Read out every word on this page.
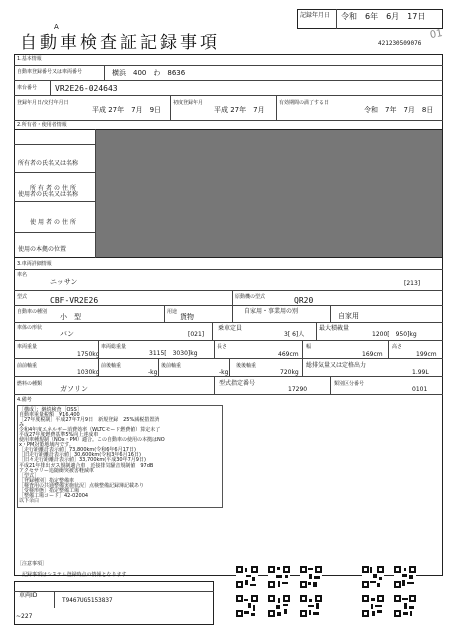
記録年月日 令和　6年　6月　17日
A
自動車検査証記録事項	421230509076
01
1.基本情報
自動車登録番号又は車両番号	横浜　400　わ　8636
車台番号 VR2E26-024643
登録年月日/交付年月日
平成 27年　7月　9日
初度登録年月
平成 27年　7月
有効期間の満了する日
令和　7年　7月　8日
2.所有者・使用者情報
所有者の氏名又は名称
所有者の住所
使用者の氏名又は名称
使用者の住所
使用の本拠の位置
3.車両詳細情報
車名
ニッサン	[213]
型式	CBF-VR2E26	原動機の型式	QR20
自動車の種別
小　型
用途
貨物
自家用・事業用の別
自家用
車体の形状
バン	[021]
乗車定員
3[ 6]人
最大積載量
1200[　950]kg
車両重量
1750kg
車両総重量
3115[　3030]kg
長さ
469cm
幅
169cm
高さ
199cm
前前軸重
1030kg
前後軸重
-kg
後前軸重
-kg
後後軸重
720kg
総排気量又は定格出力
1.99L
燃料の種類
ガソリン
型式指定番号
17290
類別区分番号
0101
4.備考
［構成］：継続検査［OSS］
自動車重量税額　¥16,400
［27年度税制］平成27年7月9日　新規登録　25%減税措置済
み
令和4年度エネルギー消費効率（WLTCモード燃費値）算定未了
平成27年度燃費基準5%向上達成車
使用車種規制（NOx・PM）適合。この自動車の使用の本拠はNO
x・PM対策地域内です。
［走行距離計表示値］73,800km(令和6年6月17日)
［旧走行距離計表示値］30,600km(令和3年6月16日)
［旧々走行距離計表示値］33,700km(平成30年7月9日)
平成21年排出ガス規制適合車　近接排気騒音規制値　97dB
アクセサリー追随衝突被害軽減車
［型式］
［登録種別］指定整備車
［検査用の共通整備実施状況］点検整備記録簿記載あり
［受検形態］指定整備工場
［整備工場コード］42-02004
以下余白
［注意事項］
記録事項はシステム登録時点の情報となります
車両ID
T9467UG5153837
~227
